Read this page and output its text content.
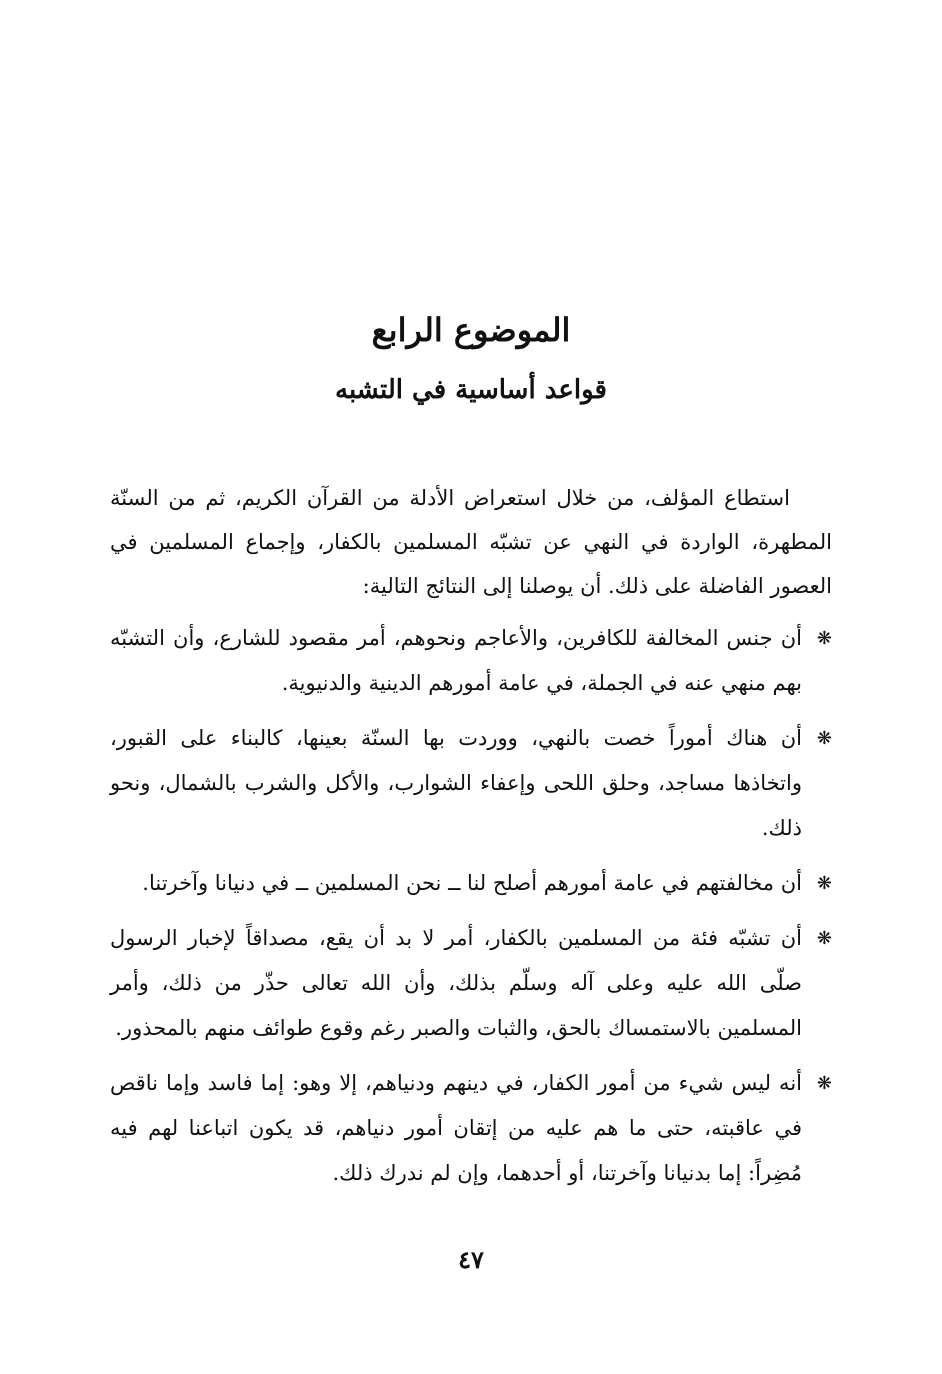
الموضوع الرابع
قواعد أساسية في التشبه

استطاع المؤلف، من خلال استعراض الأدلة من القرآن الكريم، ثم من السنّة المطهرة، الواردة في النهي عن تشبّه المسلمين بالكفار، وإجماع المسلمين في العصور الفاضلة على ذلك. أن يوصلنا إلى النتائج التالية:

❋
أن جنس المخالفة للكافرين، والأعاجم ونحوهم، أمر مقصود للشارع، وأن التشبّه بهم منهي عنه في الجملة، في عامة أمورهم الدينية والدنيوية.
❋
أن هناك أموراً خصت بالنهي، ووردت بها السنّة بعينها، كالبناء على القبور، واتخاذها مساجد، وحلق اللحى وإعفاء الشوارب، والأكل والشرب بالشمال، ونحو ذلك.
❋
أن مخالفتهم في عامة أمورهم أصلح لنا ــ نحن المسلمين ــ في دنيانا وآخرتنا.
❋
أن تشبّه فئة من المسلمين بالكفار، أمر لا بد أن يقع، مصداقاً لإخبار الرسول صلّى الله عليه وعلى آله وسلّم بذلك، وأن الله تعالى حذّر من ذلك، وأمر المسلمين بالاستمساك بالحق، والثبات والصبر رغم وقوع طوائف منهم بالمحذور.
❋
أنه ليس شيء من أمور الكفار، في دينهم ودنياهم، إلا وهو: إما فاسد وإما ناقص في عاقبته، حتى ما هم عليه من إتقان أمور دنياهم، قد يكون اتباعنا لهم فيه مُضِراً: إما بدنيانا وآخرتنا، أو أحدهما، وإن لم ندرك ذلك.
٤٧
